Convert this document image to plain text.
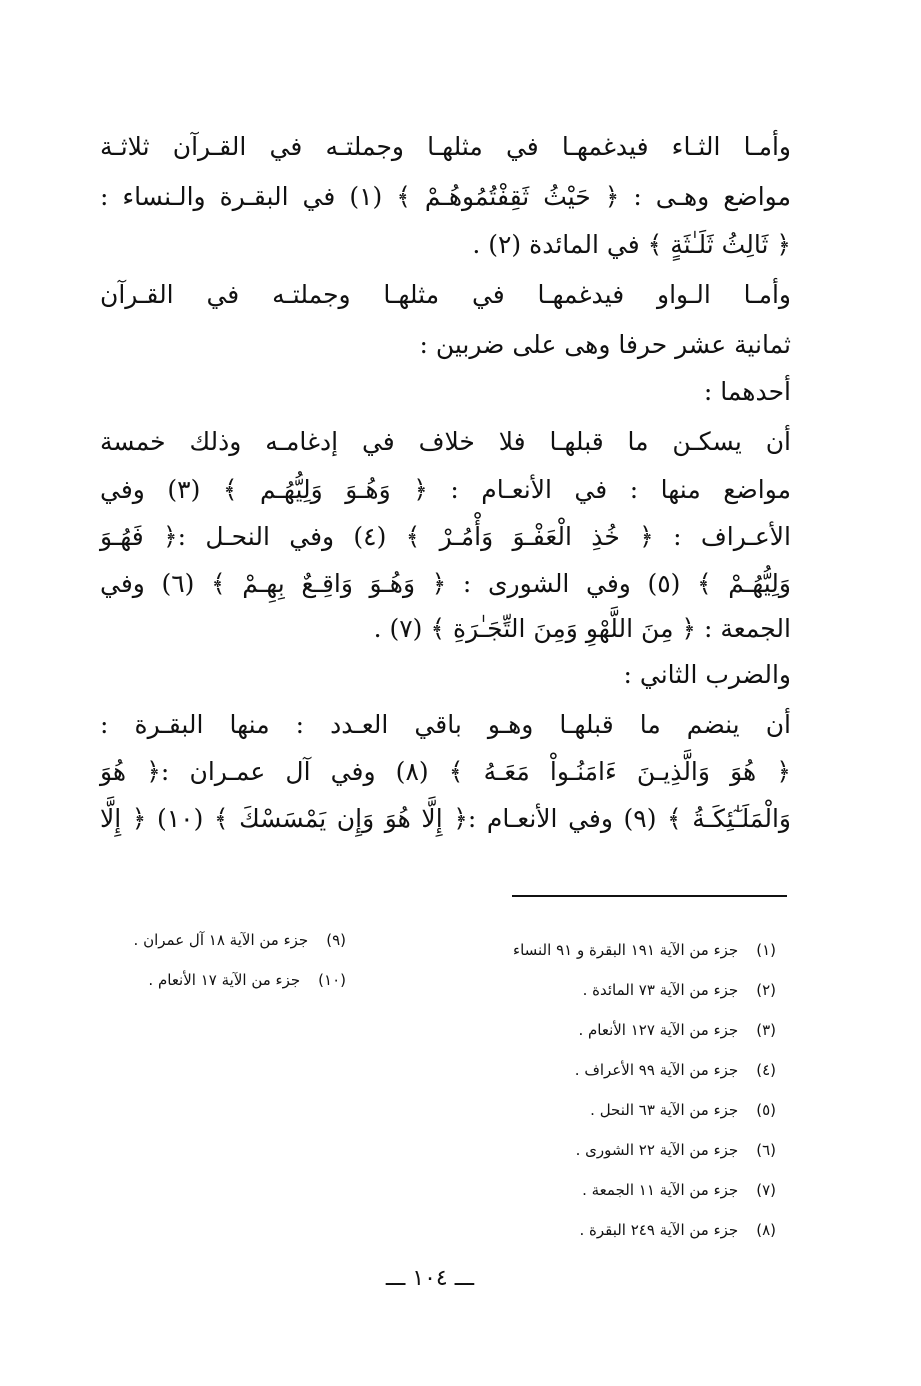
وأمـا الثـاء فيدغمهـا في مثلهـا وجملتـه في القـرآن ثلاثـة
مواضع وهـى : ﴿ حَيْثُ ثَقِفْتُمُوهُـمْ ﴾ (١) في البقـرة والـنساء :
﴿ ثَالِثُ ثَلَـٰثَةٍ ﴾ في المائدة (٢) .
وأمـا الـواو فيدغمهـا في مثلهـا وجملتـه في القـرآن
ثمانية عشر حرفا وهى على ضربين :
أحدهما :
أن يسكـن ما قبلهـا فلا خلاف في إدغامـه وذلك خمسة
مواضع منها : في الأنعـام : ﴿ وَهُـوَ وَلِيُّهُـم ﴾ (٣) وفي
الأعـراف : ﴿ خُذِ الْعَفْـوَ وَأْمُـرْ ﴾ (٤) وفي النحـل :﴿ فَهُـوَ
وَلِيُّهُـمْ ﴾ (٥) وفي الشورى : ﴿ وَهُـوَ وَاقِـعٌ بِهِـمْ ﴾ (٦) وفي
الجمعة : ﴿ مِنَ اللَّهْوِ وَمِنَ التِّجَـٰرَةِ ﴾ (٧) .
والضرب الثاني :
أن ينضم ما قبلهـا وهـو باقي العـدد : منها البقـرة :
﴿ هُوَ وَالَّذِيـنَ ءَامَنُـواْ مَعَـهُ ﴾ (٨) وفي آل عمـران :﴿ هُوَ
وَالْمَلَـٰٓئِكَـةُ ﴾ (٩) وفي الأنعـام :﴿ إِلَّا هُوَ وَإِن يَمْسَسْكَ ﴾ (١٠) ﴿ إِلَّا
(١)جزء من الآية ١٩١ البقرة و ٩١ النساء
(٢)جزء من الآية ٧٣ المائدة .
(٣)جزء من الآية ١٢٧ الأنعام .
(٤)جزء من الآية ٩٩ الأعراف .
(٥)جزء من الآية ٦٣ النحل .
(٦)جزء من الآية ٢٢ الشورى .
(٧)جزء من الآية ١١ الجمعة .
(٨)جزء من الآية ٢٤٩ البقرة .
(٩)جزء من الآية ١٨ آل عمران .
(١٠)جزء من الآية ١٧ الأنعام .
ـــ ١٠٤ ـــ
